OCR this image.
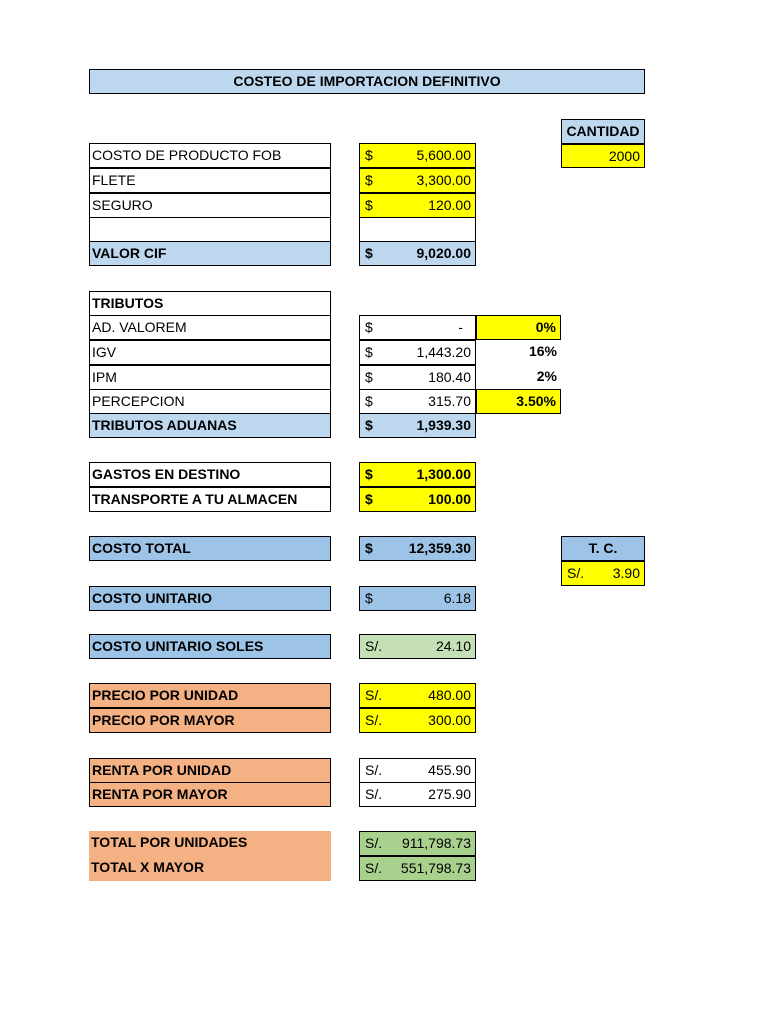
COSTEO DE IMPORTACION DEFINITIVO
CANTIDAD
2000
COSTO DE PRODUCTO FOB	$	5,600.00
FLETE	$	3,300.00
SEGURO	$	120.00
VALOR CIF	$	9,020.00
TRIBUTOS
AD. VALOREM	$	-	0%
IGV	$	1,443.20	16%
IPM	$	180.40	2%
PERCEPCION	$	315.70	3.50%
TRIBUTOS ADUANAS	$	1,939.30
GASTOS EN DESTINO	$	1,300.00
TRANSPORTE A TU ALMACEN	$	100.00
COSTO TOTAL	$	12,359.30	T. C.
S/. 3.90
COSTO UNITARIO	$	6.18
COSTO UNITARIO SOLES	S/.	24.10
PRECIO POR UNIDAD	S/.	480.00
PRECIO POR MAYOR	S/.	300.00
RENTA POR UNIDAD	S/.	455.90
RENTA POR MAYOR	S/.	275.90
TOTAL POR UNIDADES	S/. 911,798.73
TOTAL X MAYOR	S/. 551,798.73
